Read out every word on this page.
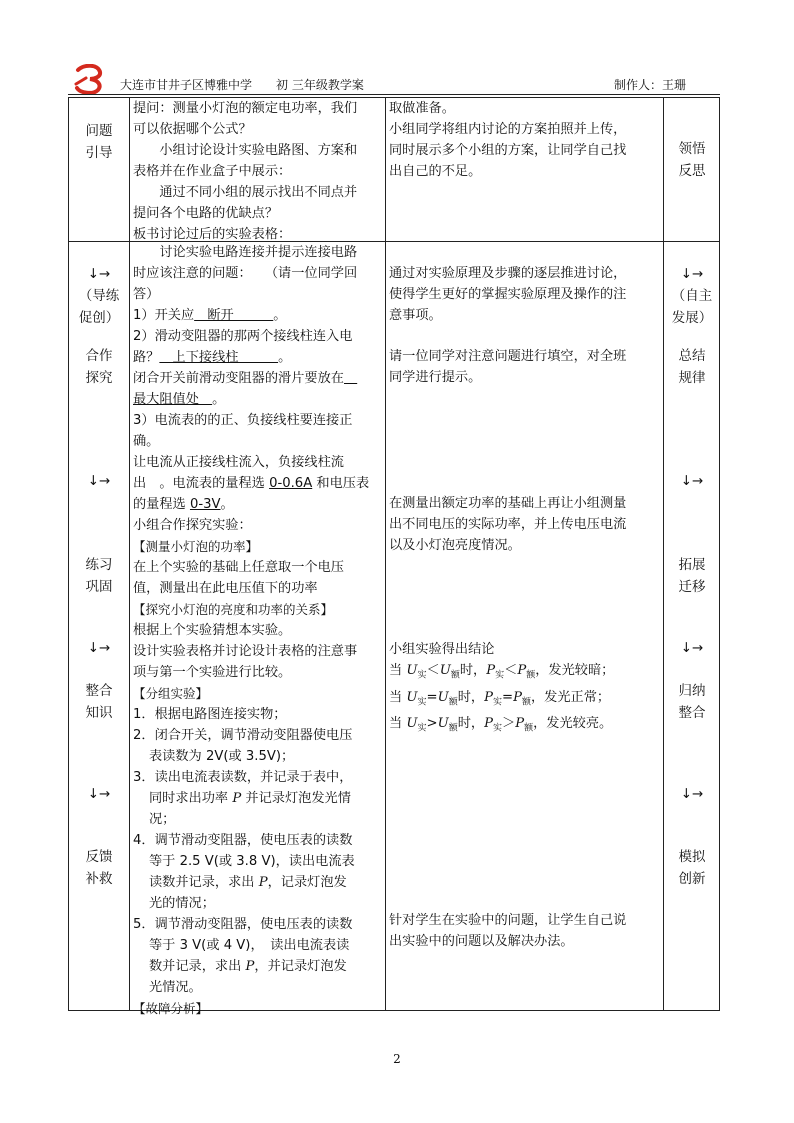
大连市甘井子区博雅中学　　初 三年级教学案	制作人：王珊
问题
引导
↓→
（导练
促创）
合作
探究
↓→
练习
巩固
↓→
整合
知识
↓→
反馈
补救
领悟
反思
↓→
（自主
发展）
总结
规律
↓→
拓展
迁移
↓→
归纳
整合
↓→
模拟
创新
提问：测量小灯泡的额定电功率，我们
可以依据哪个公式？
　　小组讨论设计实验电路图、方案和
表格并在作业盒子中展示：
　　通过不同小组的展示找出不同点并
提问各个电路的优缺点？
板书讨论过后的实验表格：
取做准备。
小组同学将组内讨论的方案拍照并上传，
同时展示多个小组的方案，让同学自己找
出自己的不足。
　　讨论实验电路连接并提示连接电路
时应该注意的问题：　　（请一位同学回
答）
1）开关应　断开　　　。
2）滑动变阻器的那两个接线柱连入电
路？　上下接线柱　　　。
闭合开关前滑动变阻器的滑片要放在　
最大阻值处　。
3）电流表的的正、负接线柱要连接正
确。
让电流从正接线柱流入，负接线柱流
出　。电流表的量程选 0-0.6A 和电压表
的量程选 0-3V。
小组合作探究实验：
【测量小灯泡的功率】
在上个实验的基础上任意取一个电压
值，测量出在此电压值下的功率
【探究小灯泡的亮度和功率的关系】
根据上个实验猜想本实验。
设计实验表格并讨论设计表格的注意事
项与第一个实验进行比较。
【分组实验】
1．根据电路图连接实物；
2．闭合开关，调节滑动变阻器使电压
表读数为 2V(或 3.5V)；
3．读出电流表读数，并记录于表中，
同时求出功率 P 并记录灯泡发光情
况；
4．调节滑动变阻器，使电压表的读数
等于 2.5 V(或 3.8 V)，读出电流表
读数并记录，求出 P，记录灯泡发
光的情况；
5．调节滑动变阻器，使电压表的读数
等于 3 V(或 4 V)，　读出电流表读
数并记录，求出 P，并记录灯泡发
光情况。
【故障分析】
通过对实验原理及步骤的逐层推进讨论，
使得学生更好的掌握实验原理及操作的注
意事项。
请一位同学对注意问题进行填空，对全班
同学进行提示。
在测量出额定功率的基础上再让小组测量
出不同电压的实际功率，并上传电压电流
以及小灯泡亮度情况。
小组实验得出结论
当 $U_实<U_额$时，$P_实<P_额$，发光较暗；
当 $U_实=U_额$时，$P_实=P_额$，发光正常；
当 $U_实>U_额$时，$P_实>P_额$，发光较亮。
针对学生在实验中的问题，让学生自己说
出实验中的问题以及解决办法。
2
